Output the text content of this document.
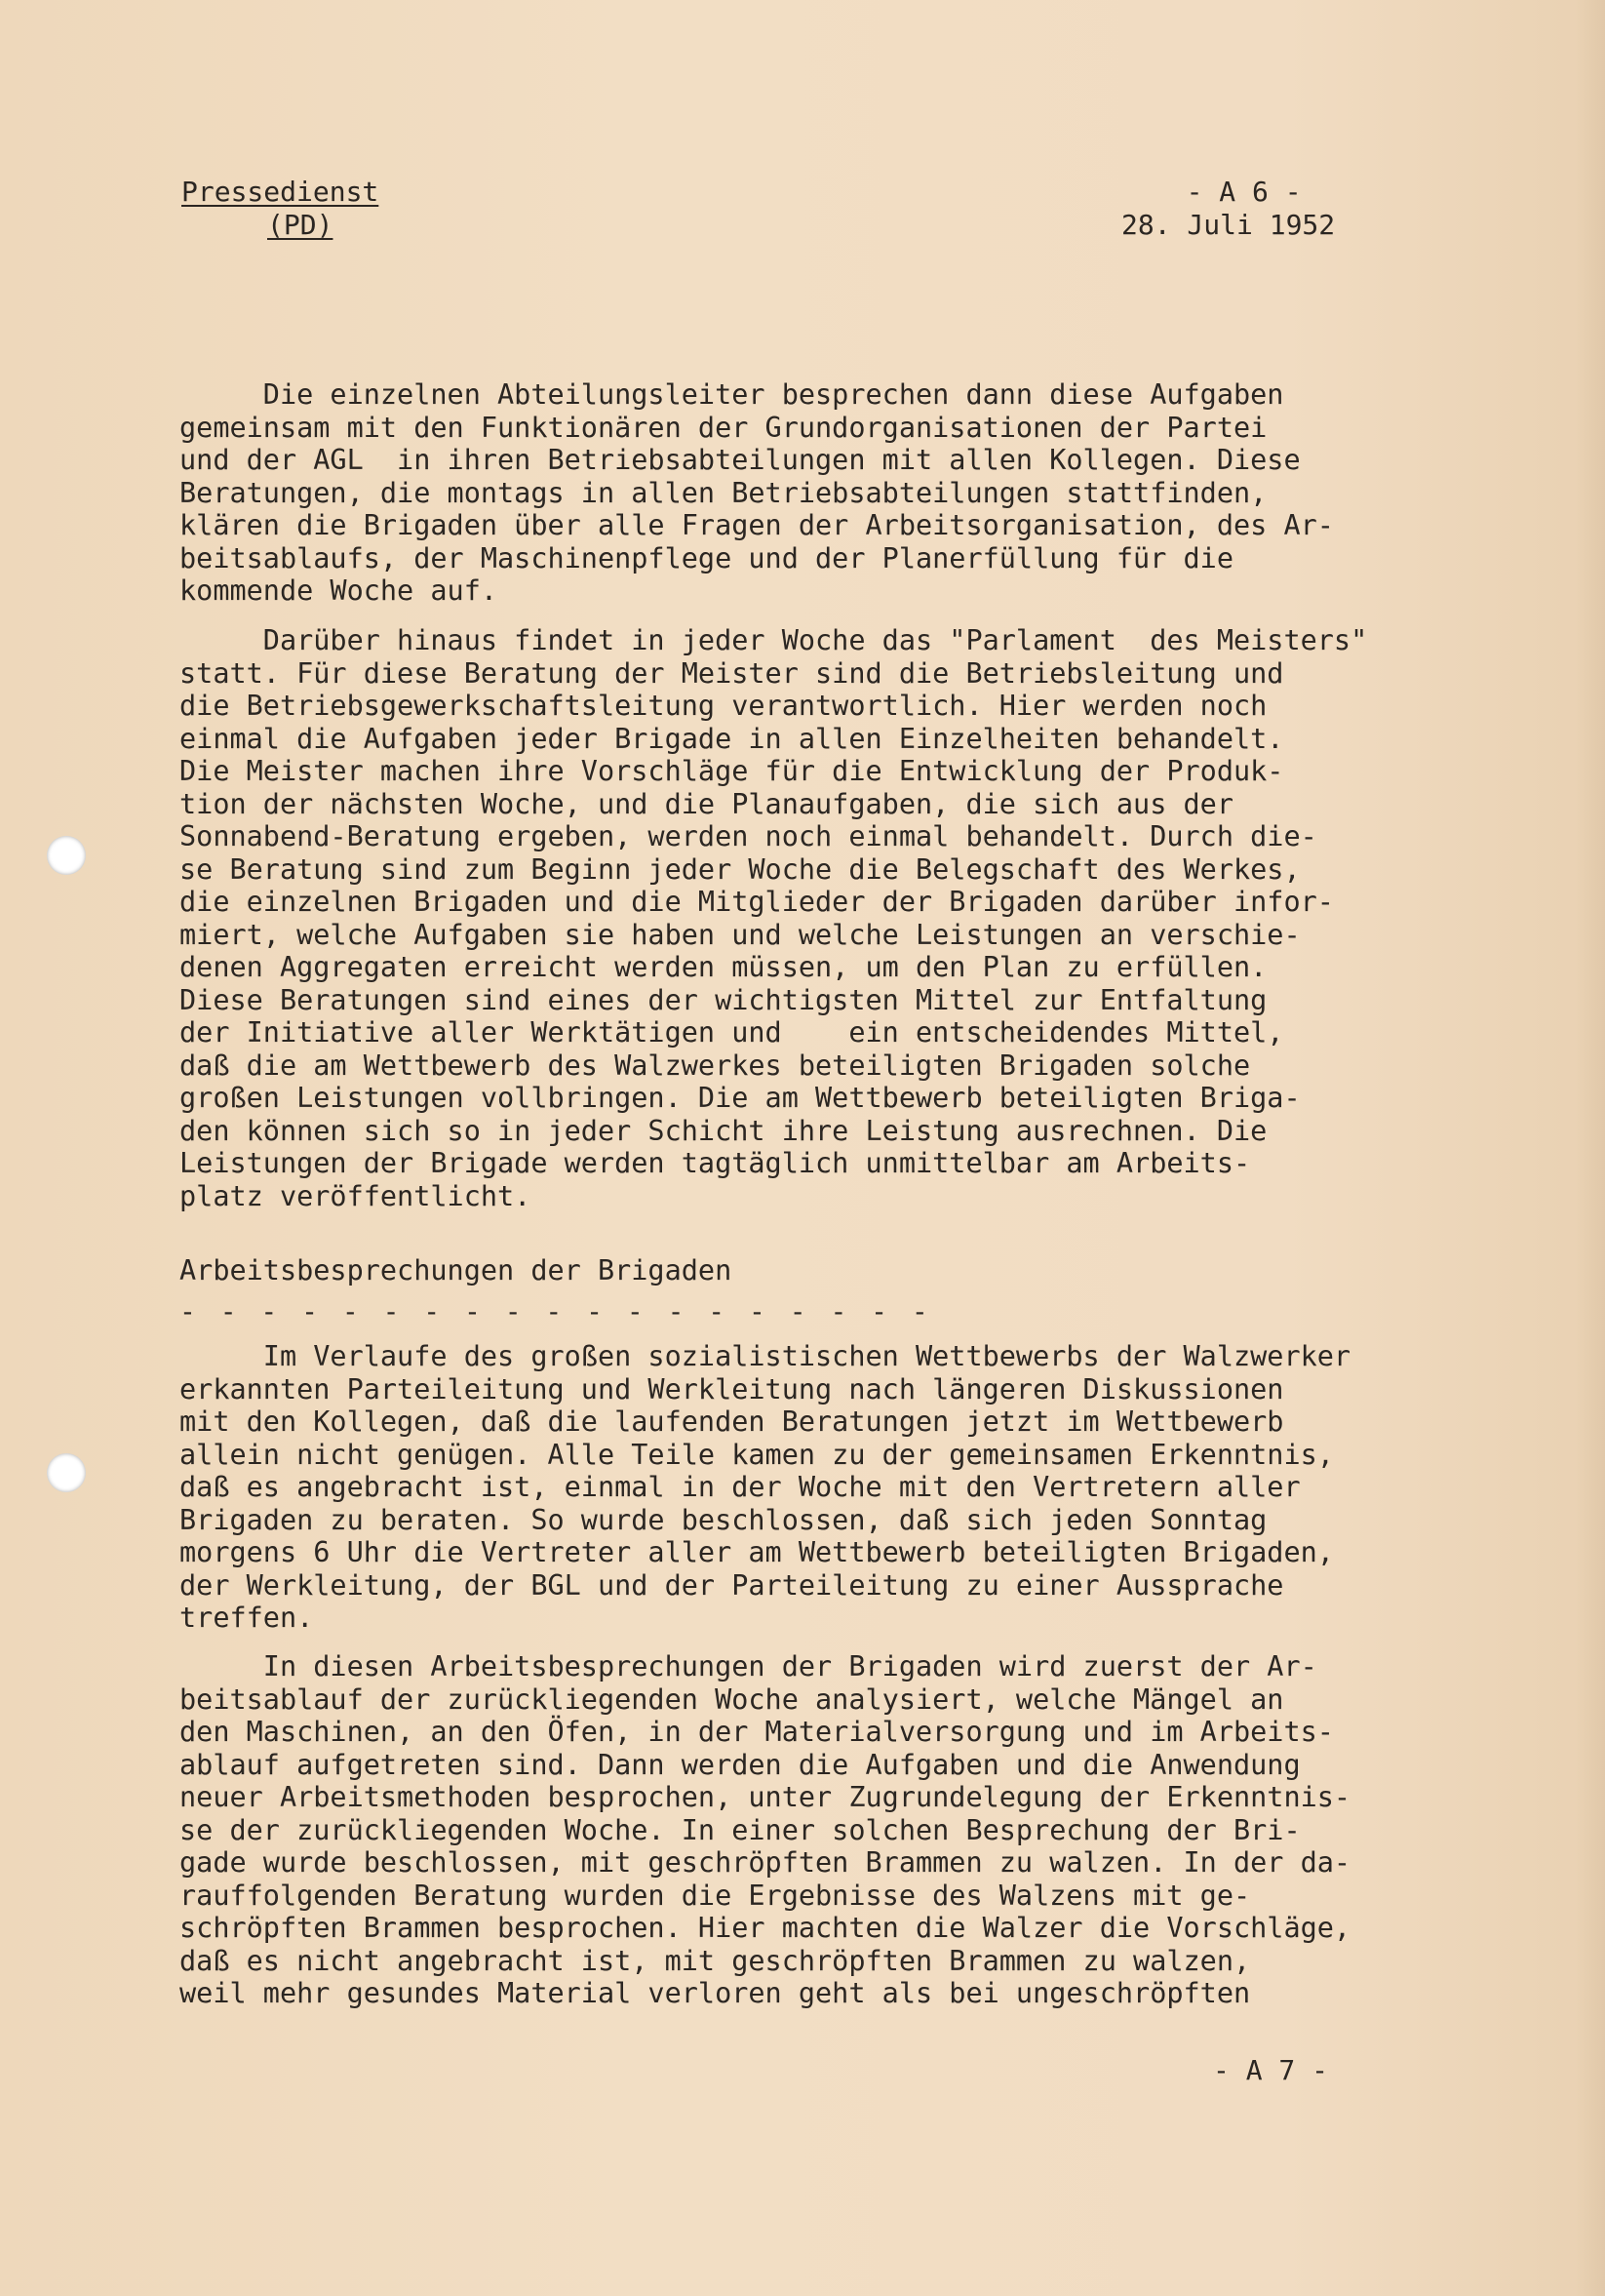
Pressedienst
(PD)
- A 6 -
28. Juli 1952
Die einzelnen Abteilungsleiter besprechen dann diese Aufgaben
gemeinsam mit den Funktionären der Grundorganisationen der Partei
und der AGL  in ihren Betriebsabteilungen mit allen Kollegen. Diese
Beratungen, die montags in allen Betriebsabteilungen stattfinden,
klären die Brigaden über alle Fragen der Arbeitsorganisation, des Ar-
beitsablaufs, der Maschinenpflege und der Planerfüllung für die
kommende Woche auf.
Darüber hinaus findet in jeder Woche das "Parlament  des Meisters"
statt. Für diese Beratung der Meister sind die Betriebsleitung und
die Betriebsgewerkschaftsleitung verantwortlich. Hier werden noch
einmal die Aufgaben jeder Brigade in allen Einzelheiten behandelt.
Die Meister machen ihre Vorschläge für die Entwicklung der Produk-
tion der nächsten Woche, und die Planaufgaben, die sich aus der
Sonnabend-Beratung ergeben, werden noch einmal behandelt. Durch die-
se Beratung sind zum Beginn jeder Woche die Belegschaft des Werkes,
die einzelnen Brigaden und die Mitglieder der Brigaden darüber infor-
miert, welche Aufgaben sie haben und welche Leistungen an verschie-
denen Aggregaten erreicht werden müssen, um den Plan zu erfüllen.
Diese Beratungen sind eines der wichtigsten Mittel zur Entfaltung
der Initiative aller Werktätigen und    ein entscheidendes Mittel,
daß die am Wettbewerb des Walzwerkes beteiligten Brigaden solche
großen Leistungen vollbringen. Die am Wettbewerb beteiligten Briga-
den können sich so in jeder Schicht ihre Leistung ausrechnen. Die
Leistungen der Brigade werden tagtäglich unmittelbar am Arbeits-
platz veröffentlicht.
Arbeitsbesprechungen der Brigaden
- - - - - - - - - - - - - - - - - - -
Im Verlaufe des großen sozialistischen Wettbewerbs der Walzwerker
erkannten Parteileitung und Werkleitung nach längeren Diskussionen
mit den Kollegen, daß die laufenden Beratungen jetzt im Wettbewerb
allein nicht genügen. Alle Teile kamen zu der gemeinsamen Erkenntnis,
daß es angebracht ist, einmal in der Woche mit den Vertretern aller
Brigaden zu beraten. So wurde beschlossen, daß sich jeden Sonntag
morgens 6 Uhr die Vertreter aller am Wettbewerb beteiligten Brigaden,
der Werkleitung, der BGL und der Parteileitung zu einer Aussprache
treffen.
In diesen Arbeitsbesprechungen der Brigaden wird zuerst der Ar-
beitsablauf der zurückliegenden Woche analysiert, welche Mängel an
den Maschinen, an den Öfen, in der Materialversorgung und im Arbeits-
ablauf aufgetreten sind. Dann werden die Aufgaben und die Anwendung
neuer Arbeitsmethoden besprochen, unter Zugrundelegung der Erkenntnis-
se der zurückliegenden Woche. In einer solchen Besprechung der Bri-
gade wurde beschlossen, mit geschröpften Brammen zu walzen. In der da-
rauffolgenden Beratung wurden die Ergebnisse des Walzens mit ge-
schröpften Brammen besprochen. Hier machten die Walzer die Vorschläge,
daß es nicht angebracht ist, mit geschröpften Brammen zu walzen,
weil mehr gesundes Material verloren geht als bei ungeschröpften
- A 7 -
